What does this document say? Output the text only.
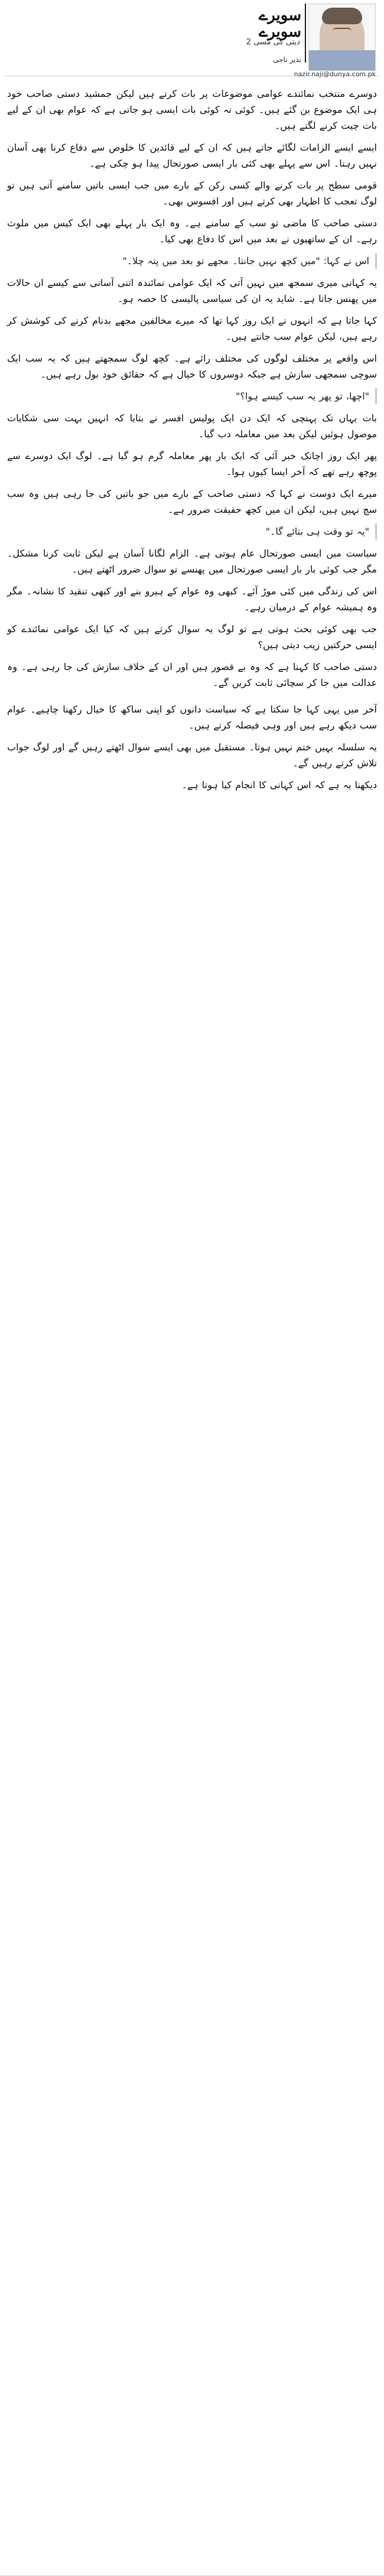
سویرے سویرے
دیتی کی مسی 2
نذیر ناجی
nazir.naji@dunya.com.pk

دوسرے منتخب نمائندے عوامی موضوعات پر بات کرتے ہیں لیکن جمشید دستی صاحب خود ہی ایک موضوع بن گئے ہیں۔ کوئی نہ کوئی بات ایسی ہو جاتی ہے کہ عوام بھی ان کے لیے بات چیت کرنے لگتے ہیں۔

ایسے ایسے الزامات لگائے جاتے ہیں کہ ان کے لیے قائدین کا خلوص سے دفاع کرنا بھی آسان نہیں رہتا۔ اس سے پہلے بھی کئی بار ایسی صورتحال پیدا ہو چکی ہے۔

قومی سطح پر بات کرنے والے کسی رکن کے بارے میں جب ایسی باتیں سامنے آتی ہیں تو لوگ تعجب کا اظہار بھی کرتے ہیں اور افسوس بھی۔

دستی صاحب کا ماضی تو سب کے سامنے ہے۔ وہ ایک بار پہلے بھی ایک کیس میں ملوث رہے۔ ان کے ساتھیوں نے بعد میں اس کا دفاع بھی کیا۔

اس نے کہا: "میں کچھ نہیں جانتا۔ مجھے تو بعد میں پتہ چلا۔"

یہ کہانی میری سمجھ میں نہیں آتی کہ ایک عوامی نمائندہ اتنی آسانی سے کیسے ان حالات میں پھنس جاتا ہے۔ شاید یہ ان کی سیاسی پالیسی کا حصہ ہو۔

کہا جاتا ہے کہ انہوں نے ایک روز کہا تھا کہ میرے مخالفین مجھے بدنام کرنے کی کوشش کر رہے ہیں، لیکن عوام سب جانتے ہیں۔

اس واقعے پر مختلف لوگوں کی مختلف رائے ہے۔ کچھ لوگ سمجھتے ہیں کہ یہ سب ایک سوچی سمجھی سازش ہے جبکہ دوسروں کا خیال ہے کہ حقائق خود بول رہے ہیں۔

"اچھا، تو پھر یہ سب کیسے ہوا؟"

بات یہاں تک پہنچی کہ ایک دن ایک پولیس افسر نے بتایا کہ انہیں بہت سی شکایات موصول ہوئیں لیکن بعد میں معاملہ دب گیا۔

پھر ایک روز اچانک خبر آئی کہ ایک بار پھر معاملہ گرم ہو گیا ہے۔ لوگ ایک دوسرے سے پوچھ رہے تھے کہ آخر ایسا کیوں ہوا۔

میرے ایک دوست نے کہا کہ دستی صاحب کے بارے میں جو باتیں کی جا رہی ہیں وہ سب سچ نہیں ہیں، لیکن ان میں کچھ حقیقت ضرور ہے۔

"یہ تو وقت ہی بتائے گا۔"

سیاست میں ایسی صورتحال عام ہوتی ہے۔ الزام لگانا آسان ہے لیکن ثابت کرنا مشکل۔ مگر جب کوئی بار بار ایسی صورتحال میں پھنسے تو سوال ضرور اٹھتے ہیں۔

اس کی زندگی میں کئی موڑ آئے۔ کبھی وہ عوام کے ہیرو بنے اور کبھی تنقید کا نشانہ۔ مگر وہ ہمیشہ عوام کے درمیان رہے۔

جب بھی کوئی بحث ہوتی ہے تو لوگ یہ سوال کرتے ہیں کہ کیا ایک عوامی نمائندے کو ایسی حرکتیں زیب دیتی ہیں؟

دستی صاحب کا کہنا ہے کہ وہ بے قصور ہیں اور ان کے خلاف سازش کی جا رہی ہے۔ وہ عدالت میں جا کر سچائی ثابت کریں گے۔

آخر میں یہی کہا جا سکتا ہے کہ سیاست دانوں کو اپنی ساکھ کا خیال رکھنا چاہیے۔ عوام سب دیکھ رہے ہیں اور وہی فیصلہ کرتے ہیں۔

یہ سلسلہ یہیں ختم نہیں ہوتا۔ مستقبل میں بھی ایسے سوال اٹھتے رہیں گے اور لوگ جواب تلاش کرتے رہیں گے۔

دیکھنا یہ ہے کہ اس کہانی کا انجام کیا ہوتا ہے۔
